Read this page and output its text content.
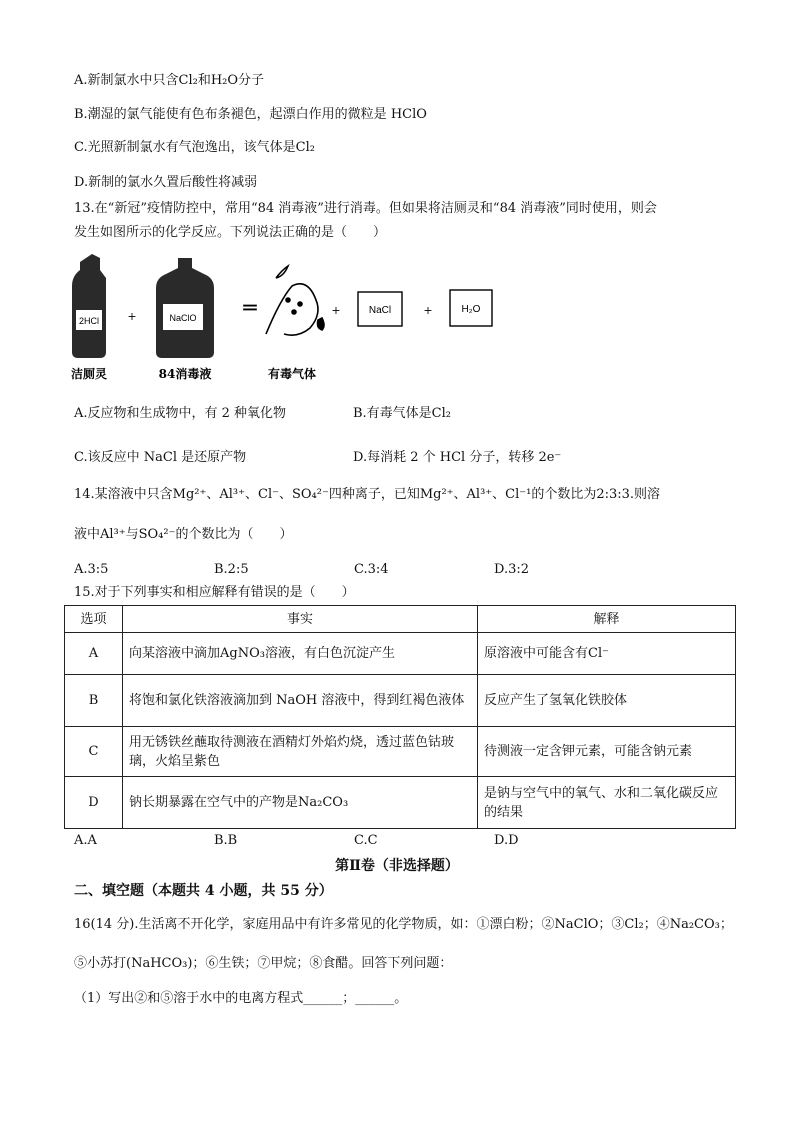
A.新制氯水中只含Cl₂和H₂O分子
B.潮湿的氯气能使有色布条褪色，起漂白作用的微粒是 HClO
C.光照新制氯水有气泡逸出，该气体是Cl₂
D.新制的氯水久置后酸性将减弱
13.在“新冠”疫情防控中，常用“84 消毒液”进行消毒。但如果将洁厕灵和“84 消毒液”同时使用，则会
发生如图所示的化学反应。下列说法正确的是（　　）
2HCl	+	NaClO ═	+	NaCl	+	H₂O
洁厕灵	84消毒液	有毒气体
A.反应物和生成物中，有 2 种氧化物	B.有毒气体是Cl₂
C.该反应中 NaCl 是还原产物	D.每消耗 2 个 HCl 分子，转移 2e⁻
14.某溶液中只含Mg²⁺、Al³⁺、Cl⁻、SO₄²⁻四种离子，已知Mg²⁺、Al³⁺、Cl⁻¹的个数比为2:3:3.则溶
液中Al³⁺与SO₄²⁻的个数比为（　　）
A.3:5	B.2:5	C.3:4	D.3:2
15.对于下列事实和相应解释有错误的是（　　）
选项	事实	解释
A	向某溶液中滴加AgNO₃溶液，有白色沉淀产生	原溶液中可能含有Cl⁻
B	将饱和氯化铁溶液滴加到 NaOH 溶液中，得到红褐色液体	反应产生了氢氧化铁胶体
C	用无锈铁丝蘸取待测液在酒精灯外焰灼烧，透过蓝色钴玻璃，火焰呈紫色	待测液一定含钾元素，可能含钠元素
D	钠长期暴露在空气中的产物是Na₂CO₃	是钠与空气中的氧气、水和二氧化碳反应的结果
A.A	B.B	C.C	D.D
第Ⅱ卷（非选择题）
二、填空题（本题共 4 小题，共 55 分）
16(14 分).生活离不开化学，家庭用品中有许多常见的化学物质，如：①漂白粉；②NaClO；③Cl₂；④Na₂CO₃；
⑤小苏打(NaHCO₃)；⑥生铁；⑦甲烷；⑧食醋。回答下列问题：
（1）写出②和⑤溶于水中的电离方程式______；______。
